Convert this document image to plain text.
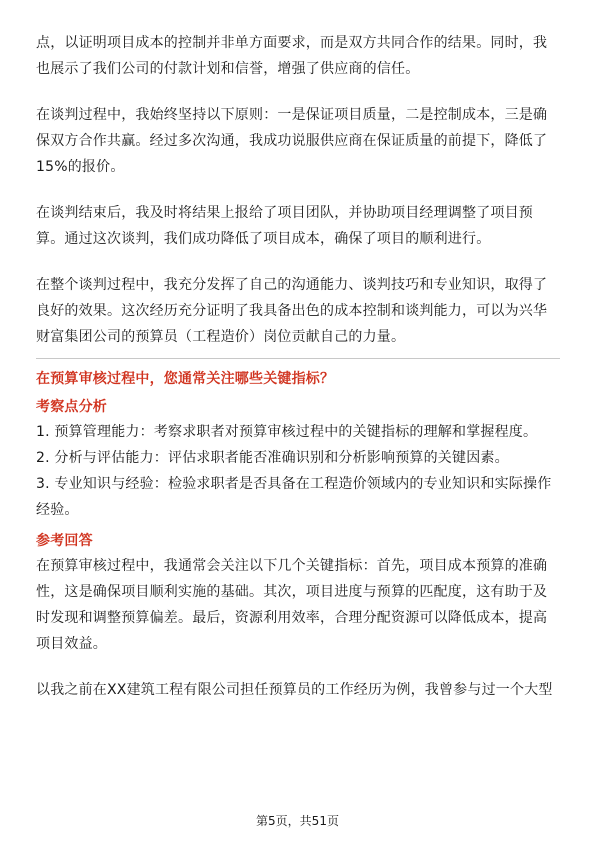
点，以证明项目成本的控制并非单方面要求，而是双方共同合作的结果。同时，我也展示了我们公司的付款计划和信誉，增强了供应商的信任。

在谈判过程中，我始终坚持以下原则：一是保证项目质量，二是控制成本，三是确保双方合作共赢。经过多次沟通，我成功说服供应商在保证质量的前提下，降低了15%的报价。

在谈判结束后，我及时将结果上报给了项目团队，并协助项目经理调整了项目预算。通过这次谈判，我们成功降低了项目成本，确保了项目的顺利进行。

在整个谈判过程中，我充分发挥了自己的沟通能力、谈判技巧和专业知识，取得了良好的效果。这次经历充分证明了我具备出色的成本控制和谈判能力，可以为兴华财富集团公司的预算员（工程造价）岗位贡献自己的力量。

在预算审核过程中，您通常关注哪些关键指标？

考察点分析

1. 预算管理能力：考察求职者对预算审核过程中的关键指标的理解和掌握程度。

2. 分析与评估能力：评估求职者能否准确识别和分析影响预算的关键因素。

3. 专业知识与经验：检验求职者是否具备在工程造价领域内的专业知识和实际操作经验。

参考回答

在预算审核过程中，我通常会关注以下几个关键指标：首先，项目成本预算的准确性，这是确保项目顺利实施的基础。其次，项目进度与预算的匹配度，这有助于及时发现和调整预算偏差。最后，资源利用效率，合理分配资源可以降低成本，提高项目效益。

以我之前在XX建筑工程有限公司担任预算员的工作经历为例，我曾参与过一个大型

第5页，共51页
